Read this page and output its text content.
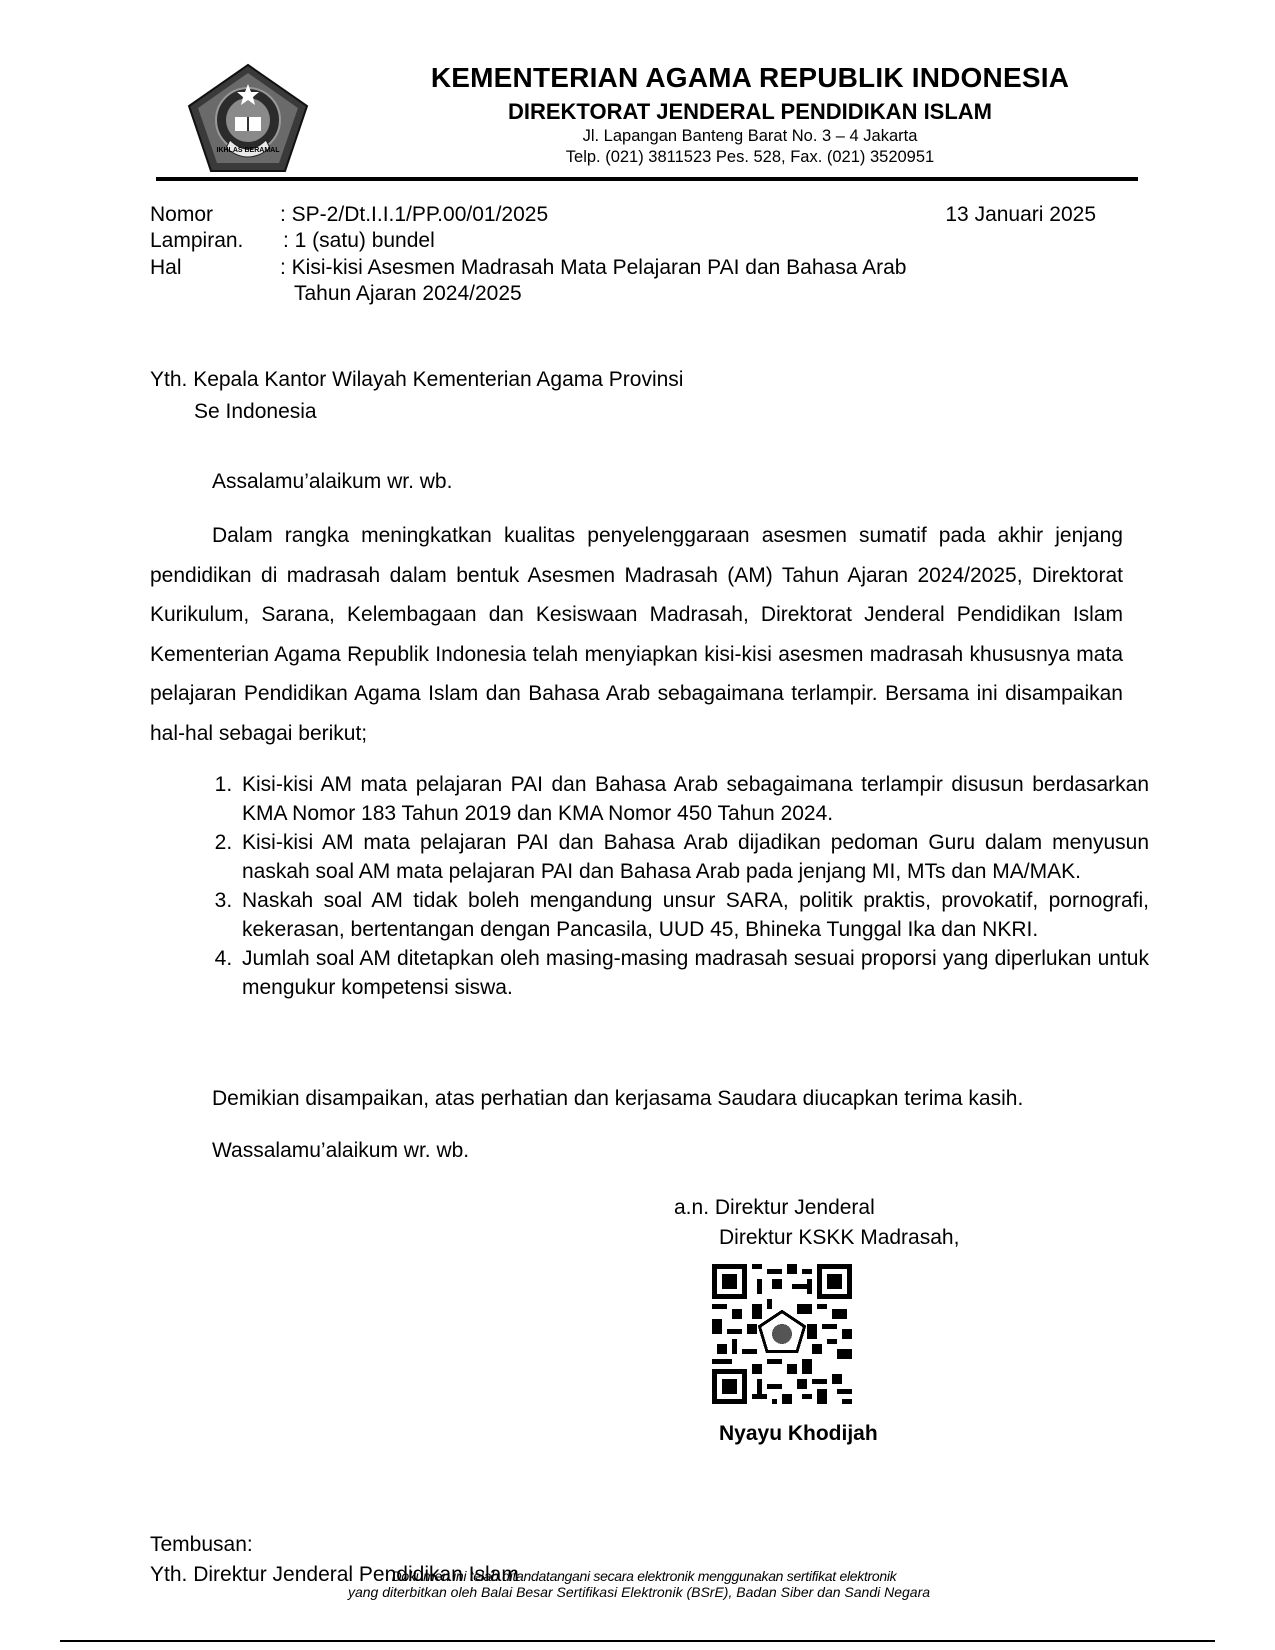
IKHLAS BERAMAL
KEMENTERIAN AGAMA REPUBLIK INDONESIA
DIREKTORAT JENDERAL PENDIDIKAN ISLAM
Jl. Lapangan Banteng Barat No. 3 – 4 Jakarta
Telp. (021) 3811523 Pes. 528, Fax. (021) 3520951
Nomor	: SP-2/Dt.I.I.1/PP.00/01/2025	13 Januari 2025
Lampiran. : 1 (satu) bundel
Hal	: Kisi-kisi Asesmen Madrasah Mata Pelajaran PAI dan Bahasa Arab
Tahun Ajaran 2024/2025
Yth. Kepala Kantor Wilayah Kementerian Agama Provinsi
Se Indonesia
Assalamu’alaikum wr. wb.
Dalam rangka meningkatkan kualitas penyelenggaraan asesmen sumatif pada akhir jenjang pendidikan di madrasah dalam bentuk Asesmen Madrasah (AM) Tahun Ajaran 2024/2025, Direktorat Kurikulum, Sarana, Kelembagaan dan Kesiswaan Madrasah, Direktorat Jenderal Pendidikan Islam Kementerian Agama Republik Indonesia telah menyiapkan kisi-kisi asesmen madrasah khususnya mata pelajaran Pendidikan Agama Islam dan Bahasa Arab sebagaimana terlampir. Bersama ini disampaikan hal-hal sebagai berikut;
1. Kisi-kisi AM mata pelajaran PAI dan Bahasa Arab sebagaimana terlampir disusun berdasarkan KMA Nomor 183 Tahun 2019 dan KMA Nomor 450 Tahun 2024.
2. Kisi-kisi AM mata pelajaran PAI dan Bahasa Arab dijadikan pedoman Guru dalam menyusun naskah soal AM mata pelajaran PAI dan Bahasa Arab pada jenjang MI, MTs dan MA/MAK.
3. Naskah soal AM tidak boleh mengandung unsur SARA, politik praktis, provokatif, pornografi, kekerasan, bertentangan dengan Pancasila, UUD 45, Bhineka Tunggal Ika dan NKRI.
4. Jumlah soal AM ditetapkan oleh masing-masing madrasah sesuai proporsi yang diperlukan untuk mengukur kompetensi siswa.
Demikian disampaikan, atas perhatian dan kerjasama Saudara diucapkan terima kasih.
Wassalamu’alaikum wr. wb.
a.n. Direktur Jenderal
Direktur KSKK Madrasah,
Nyayu Khodijah
Tembusan:
Yth. Direktur Jenderal Pendidikan Islam
Dokumen ini telah ditandatangani secara elektronik menggunakan sertifikat elektronik
yang diterbitkan oleh Balai Besar Sertifikasi Elektronik (BSrE), Badan Siber dan Sandi Negara
